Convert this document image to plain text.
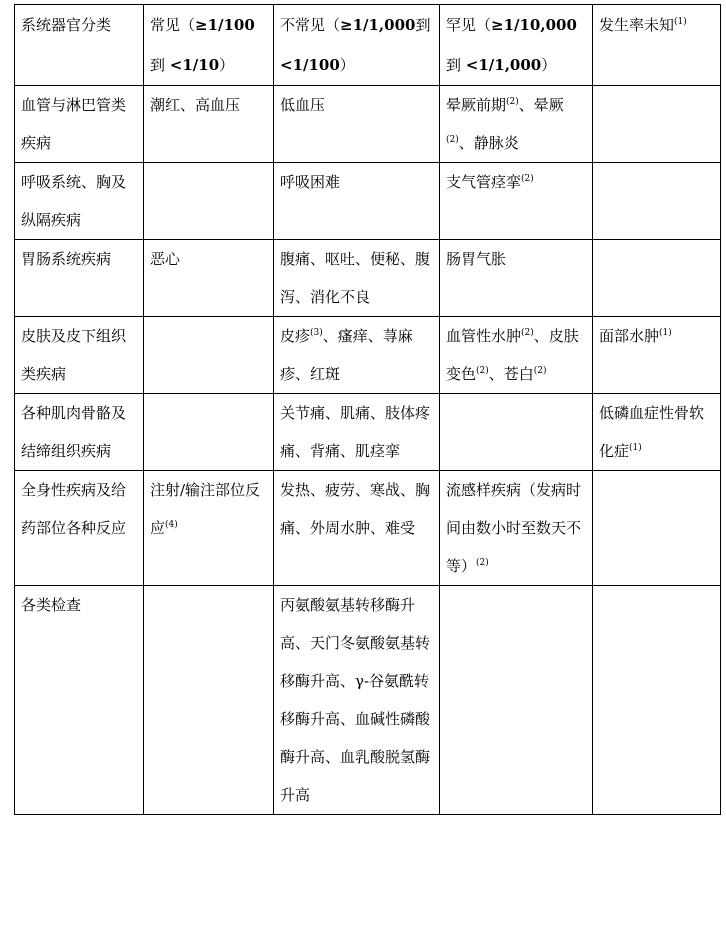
系统器官分类	常见（≥1/100到 <1/10）	不常见（≥1/1,000到 <1/100）	罕见（≥1/10,000到 <1/1,000）	发生率未知$^{(1)}$
血管与淋巴管类疾病	潮红、高血压	低血压	晕厥前期$^{(2)}$、晕厥$^{(2)}$、静脉炎	
呼吸系统、胸及纵隔疾病		呼吸困难	支气管痉挛$^{(2)}$	
胃肠系统疾病	恶心	腹痛、呕吐、便秘、腹泻、消化不良	肠胃气胀	
皮肤及皮下组织类疾病		皮疹$^{(3)}$、瘙痒、荨麻疹、红斑	血管性水肿$^{(2)}$、皮肤变色$^{(2)}$、苍白$^{(2)}$	面部水肿$^{(1)}$
各种肌肉骨骼及结缔组织疾病		关节痛、肌痛、肢体疼痛、背痛、肌痉挛		低磷血症性骨软化症$^{(1)}$
全身性疾病及给药部位各种反应	注射/输注部位反应$^{(4)}$	发热、疲劳、寒战、胸痛、外周水肿、难受	流感样疾病（发病时间由数小时至数天不等）$^{(2)}$	
各类检查		丙氨酸氨基转移酶升高、天门冬氨酸氨基转移酶升高、γ-谷氨酰转移酶升高、血碱性磷酸酶升高、血乳酸脱氢酶升高		
